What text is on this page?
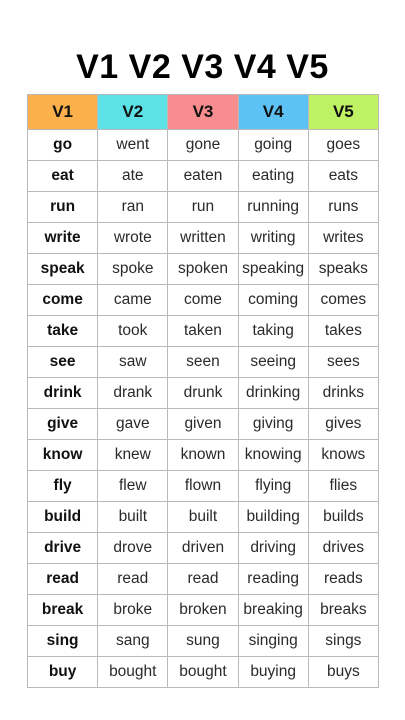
V1 V2 V3 V4 V5
V1	V2	V3	V4	V5
go	went	gone	going	goes
eat	ate	eaten	eating	eats
run	ran	run	running	runs
write	wrote	written	writing	writes
speak	spoke	spoken	speaking	speaks
come	came	come	coming	comes
take	took	taken	taking	takes
see	saw	seen	seeing	sees
drink	drank	drunk	drinking	drinks
give	gave	given	giving	gives
know	knew	known	knowing	knows
fly	flew	flown	flying	flies
build	built	built	building	builds
drive	drove	driven	driving	drives
read	read	read	reading	reads
break	broke	broken	breaking	breaks
sing	sang	sung	singing	sings
buy	bought	bought	buying	buys
